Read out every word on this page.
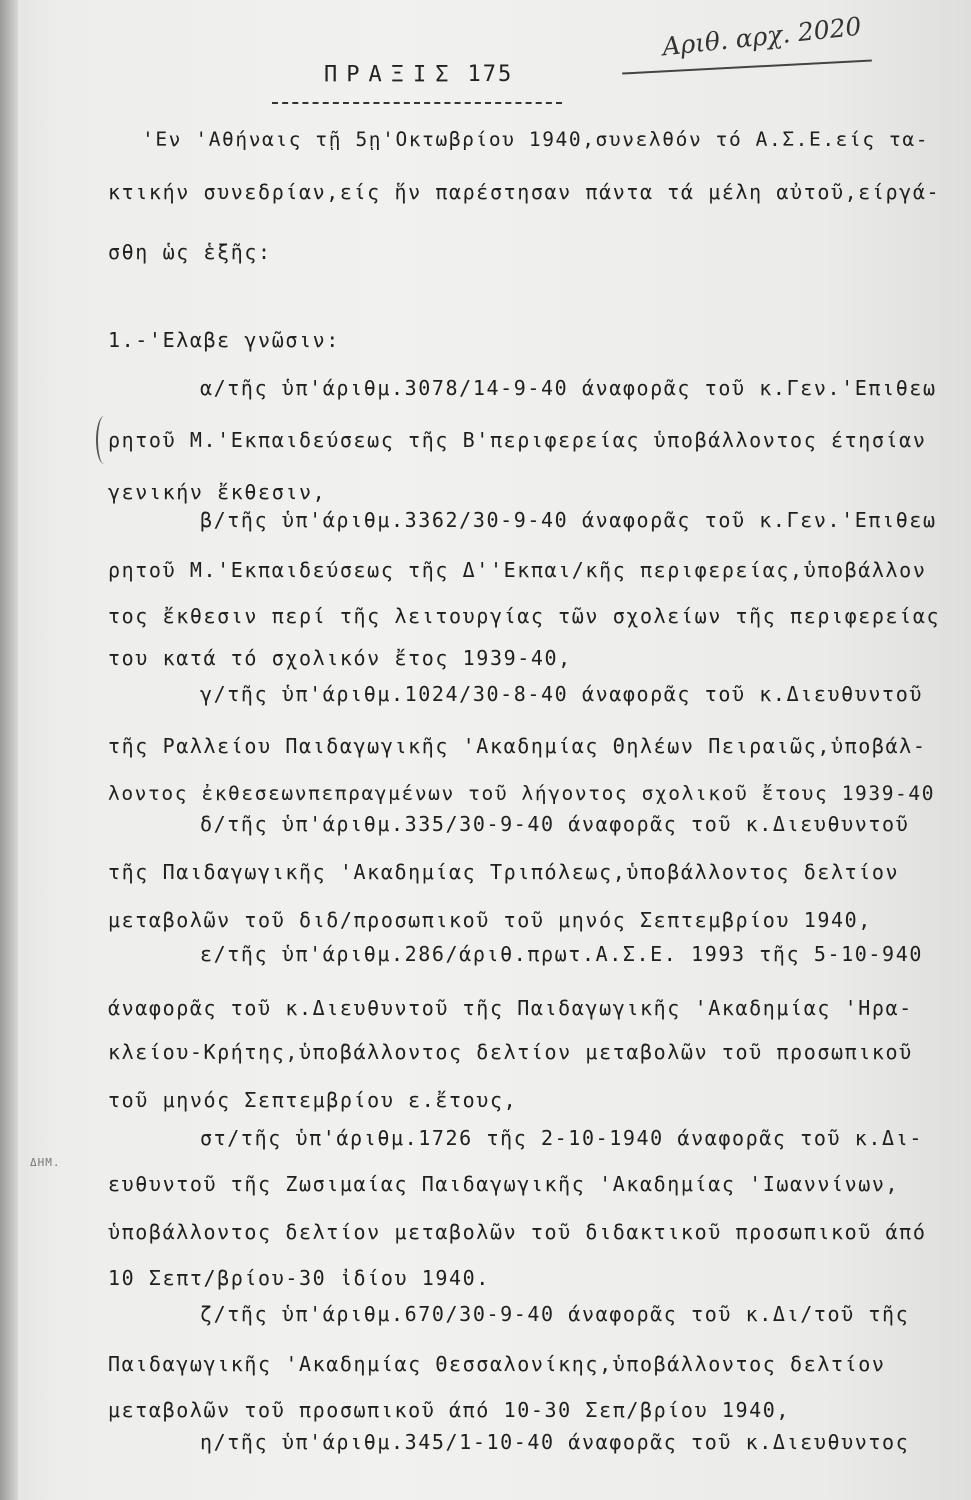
Αριθ. αρχ. 2020
ΠΡΑΞΙΣ 175
ΔΗΜ.
'Εν 'Αθήναις τῇ 5ῃ'Οκτωβρίου 1940,συνελθόν τό Α.Σ.Ε.είς τα-
κτικήν συνεδρίαν,είς ἥν παρέστησαν πάντα τά μέλη αὐτοῦ,είργά-
σθη ὡς ἑξῆς:
1.-'Ελαβε γνῶσιν:
α/τῆς ὑπ'άριθμ.3078/14-9-40 άναφορᾶς τοῦ κ.Γεν.'Επιθεω
ρητοῦ Μ.'Εκπαιδεύσεως τῆς Β'περιφερείας ὑποβάλλοντος έτησίαν
γενικήν ἔκθεσιν,
β/τῆς ὑπ'άριθμ.3362/30-9-40 άναφορᾶς τοῦ κ.Γεν.'Επιθεω
ρητοῦ Μ.'Εκπαιδεύσεως τῆς Δ''Εκπαι/κῆς περιφερείας,ὑποβάλλον
τος ἔκθεσιν περί τῆς λειτουργίας τῶν σχολείων τῆς περιφερείας
του κατά τό σχολικόν ἔτος 1939-40,
γ/τῆς ὑπ'άριθμ.1024/30-8-40 άναφορᾶς τοῦ κ.Διευθυντοῦ
τῆς Ραλλείου Παιδαγωγικῆς 'Ακαδημίας Θηλέων Πειραιῶς,ὑποβάλ-
λοντος ἐκθεσεωνπεπραγμένων τοῦ λήγοντος σχολικοῦ ἔτους 1939-40
δ/τῆς ὑπ'άριθμ.335/30-9-40 άναφορᾶς τοῦ κ.Διευθυντοῦ
τῆς Παιδαγωγικῆς 'Ακαδημίας Τριπόλεως,ὑποβάλλοντος δελτίον
μεταβολῶν τοῦ διδ/προσωπικοῦ τοῦ μηνός Σεπτεμβρίου 1940,
ε/τῆς ὑπ'άριθμ.286/άριθ.πρωτ.Α.Σ.Ε. 1993 τῆς 5-10-940
άναφορᾶς τοῦ κ.Διευθυντοῦ τῆς Παιδαγωγικῆς 'Ακαδημίας 'Ηρα-
κλείου-Κρήτης,ὑποβάλλοντος δελτίον μεταβολῶν τοῦ προσωπικοῦ
τοῦ μηνός Σεπτεμβρίου ε.ἔτους,
στ/τῆς ὑπ'άριθμ.1726 τῆς 2-10-1940 άναφορᾶς τοῦ κ.Δι-
ευθυντοῦ τῆς Ζωσιμαίας Παιδαγωγικῆς 'Ακαδημίας 'Ιωαννίνων,
ὑποβάλλοντος δελτίον μεταβολῶν τοῦ διδακτικοῦ προσωπικοῦ άπό
10 Σεπτ/βρίου-30 ἰδίου 1940.
ζ/τῆς ὑπ'άριθμ.670/30-9-40 άναφορᾶς τοῦ κ.Δι/τοῦ τῆς
Παιδαγωγικῆς 'Ακαδημίας Θεσσαλονίκης,ὑποβάλλοντος δελτίον
μεταβολῶν τοῦ προσωπικοῦ άπό 10-30 Σεπ/βρίου 1940,
η/τῆς ὑπ'άριθμ.345/1-10-40 άναφορᾶς τοῦ κ.Διευθυντος
